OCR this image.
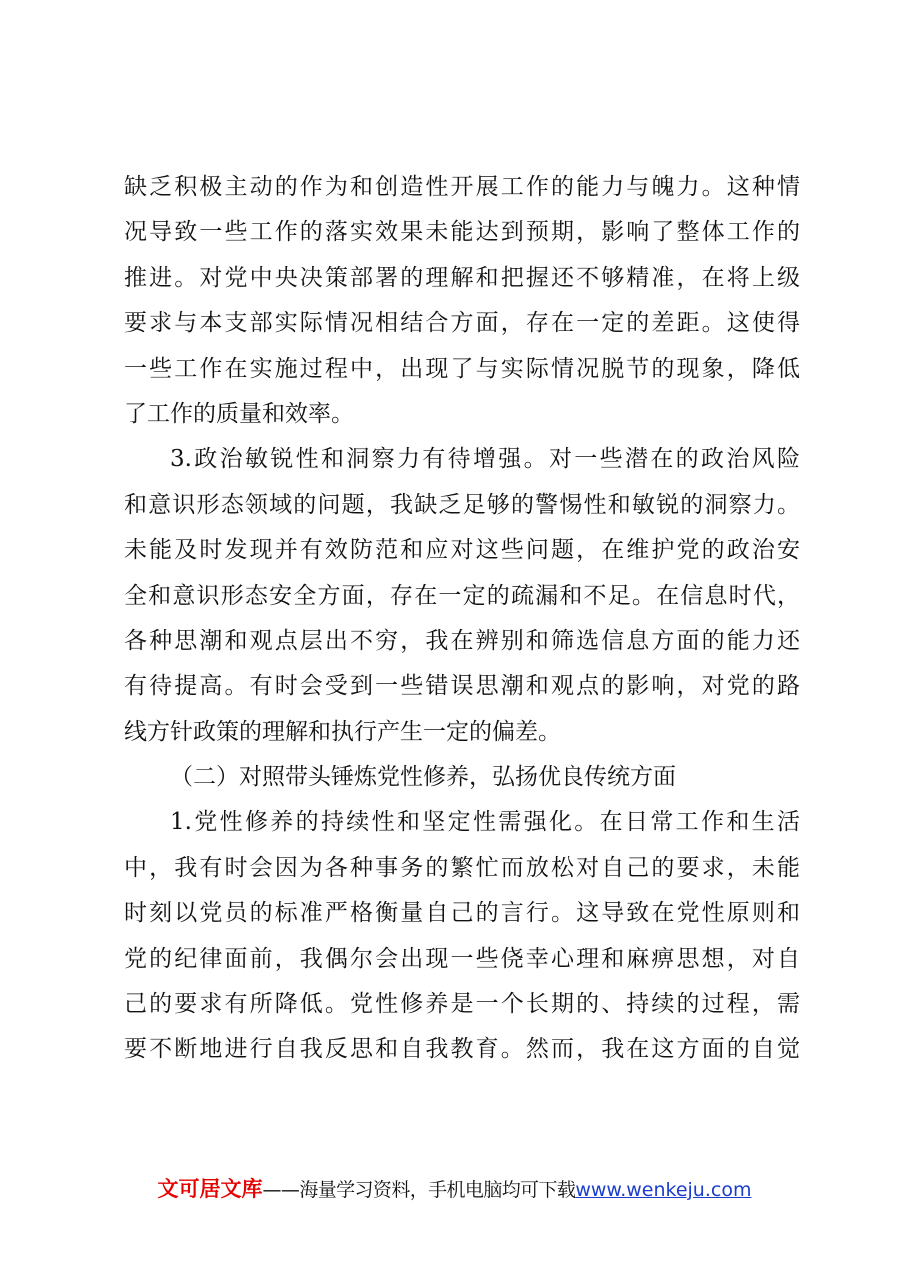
缺乏积极主动的作为和创造性开展工作的能力与魄力。这种情
况导致一些工作的落实效果未能达到预期，影响了整体工作的
推进。对党中央决策部署的理解和把握还不够精准，在将上级
要求与本支部实际情况相结合方面，存在一定的差距。这使得
一些工作在实施过程中，出现了与实际情况脱节的现象，降低
了工作的质量和效率。
3.政治敏锐性和洞察力有待增强。对一些潜在的政治风险
和意识形态领域的问题，我缺乏足够的警惕性和敏锐的洞察力。
未能及时发现并有效防范和应对这些问题，在维护党的政治安
全和意识形态安全方面，存在一定的疏漏和不足。在信息时代，
各种思潮和观点层出不穷，我在辨别和筛选信息方面的能力还
有待提高。有时会受到一些错误思潮和观点的影响，对党的路
线方针政策的理解和执行产生一定的偏差。
（二）对照带头锤炼党性修养，弘扬优良传统方面
1.党性修养的持续性和坚定性需强化。在日常工作和生活
中，我有时会因为各种事务的繁忙而放松对自己的要求，未能
时刻以党员的标准严格衡量自己的言行。这导致在党性原则和
党的纪律面前，我偶尔会出现一些侥幸心理和麻痹思想，对自
己的要求有所降低。党性修养是一个长期的、持续的过程，需
要不断地进行自我反思和自我教育。然而，我在这方面的自觉
文可居文库——海量学习资料，手机电脑均可下载www.wenkeju.com
